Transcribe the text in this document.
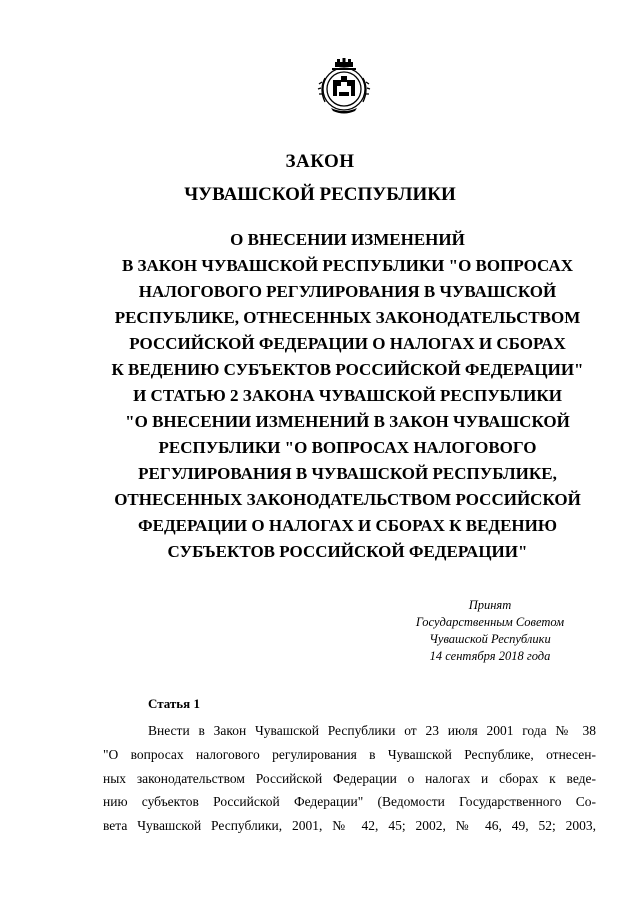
ЗАКОН
ЧУВАШСКОЙ РЕСПУБЛИКИ
О ВНЕСЕНИИ ИЗМЕНЕНИЙ
В ЗАКОН ЧУВАШСКОЙ РЕСПУБЛИКИ "О ВОПРОСАХ
НАЛОГОВОГО РЕГУЛИРОВАНИЯ В ЧУВАШСКОЙ
РЕСПУБЛИКЕ, ОТНЕСЕННЫХ ЗАКОНОДАТЕЛЬСТВОМ
РОССИЙСКОЙ ФЕДЕРАЦИИ О НАЛОГАХ И СБОРАХ
К ВЕДЕНИЮ СУБЪЕКТОВ РОССИЙСКОЙ ФЕДЕРАЦИИ"
И СТАТЬЮ 2 ЗАКОНА ЧУВАШСКОЙ РЕСПУБЛИКИ
"О ВНЕСЕНИИ ИЗМЕНЕНИЙ В ЗАКОН ЧУВАШСКОЙ
РЕСПУБЛИКИ "О ВОПРОСАХ НАЛОГОВОГО
РЕГУЛИРОВАНИЯ В ЧУВАШСКОЙ РЕСПУБЛИКЕ,
ОТНЕСЕННЫХ ЗАКОНОДАТЕЛЬСТВОМ РОССИЙСКОЙ
ФЕДЕРАЦИИ О НАЛОГАХ И СБОРАХ К ВЕДЕНИЮ
СУБЪЕКТОВ РОССИЙСКОЙ ФЕДЕРАЦИИ"
Принят
Государственным Советом
Чувашской Республики
14 сентября 2018 года
Статья 1
Внести в Закон Чувашской Республики от 23 июля 2001 года № 38
"О вопросах налогового регулирования в Чувашской Республике, отнесен-
ных законодательством Российской Федерации о налогах и сборах к веде-
нию субъектов Российской Федерации" (Ведомости Государственного Со-
вета Чувашской Республики, 2001, № 42, 45; 2002, № 46, 49, 52; 2003,
